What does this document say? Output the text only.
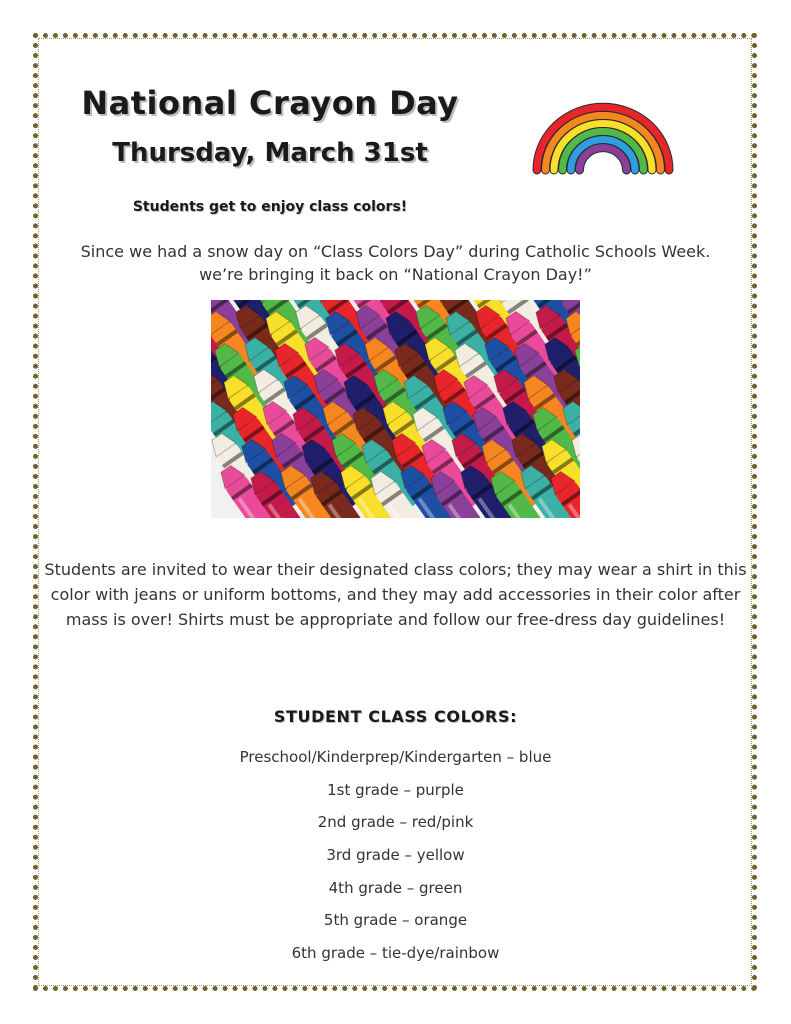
National Crayon Day
Thursday, March 31st
Students get to enjoy class colors!
Since we had a snow day on “Class Colors Day” during Catholic Schools Week.
we’re bringing it back on “National Crayon Day!”
Students are invited to wear their designated class colors; they may wear a shirt in this color with jeans or uniform bottoms, and they may add accessories in their color after mass is over! Shirts must be appropriate and follow our free-dress day guidelines!
STUDENT CLASS COLORS:
Preschool/Kinderprep/Kindergarten – blue
1st grade – purple
2nd grade – red/pink
3rd grade – yellow
4th grade – green
5th grade – orange
6th grade – tie-dye/rainbow
